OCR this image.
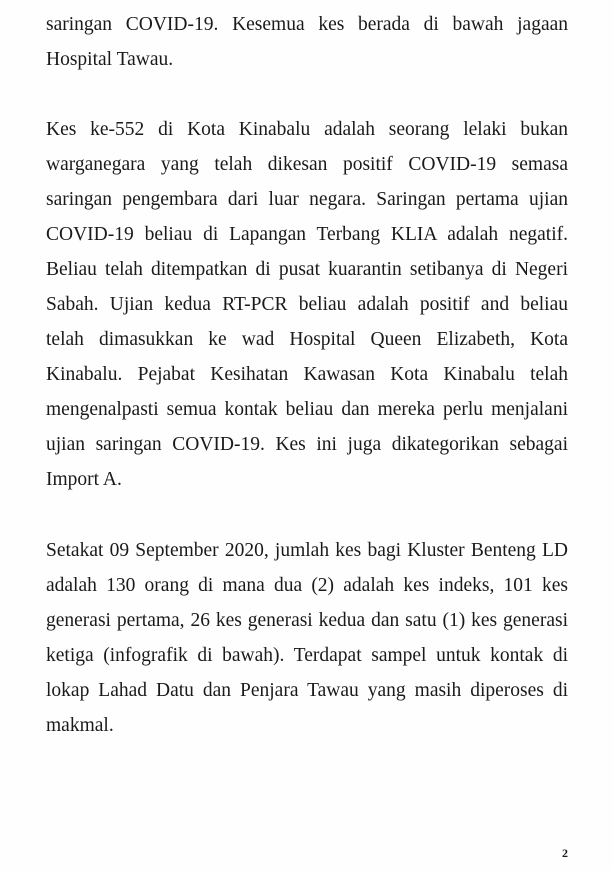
saringan COVID-19. Kesemua kes berada di bawah jagaan
Hospital Tawau.
Kes ke-552 di Kota Kinabalu adalah seorang lelaki bukan
warganegara yang telah dikesan positif COVID-19 semasa
saringan pengembara dari luar negara. Saringan pertama ujian
COVID-19 beliau di Lapangan Terbang KLIA adalah negatif.
Beliau telah ditempatkan di pusat kuarantin setibanya di Negeri
Sabah. Ujian kedua RT-PCR beliau adalah positif and beliau
telah dimasukkan ke wad Hospital Queen Elizabeth, Kota
Kinabalu. Pejabat Kesihatan Kawasan Kota Kinabalu telah
mengenalpasti semua kontak beliau dan mereka perlu menjalani
ujian saringan COVID-19. Kes ini juga dikategorikan sebagai
Import A.
Setakat 09 September 2020, jumlah kes bagi Kluster Benteng LD
adalah 130 orang di mana dua (2) adalah kes indeks, 101 kes
generasi pertama, 26 kes generasi kedua dan satu (1) kes generasi
ketiga (infografik di bawah). Terdapat sampel untuk kontak di
lokap Lahad Datu dan Penjara Tawau yang masih diperoses di
makmal.
2
